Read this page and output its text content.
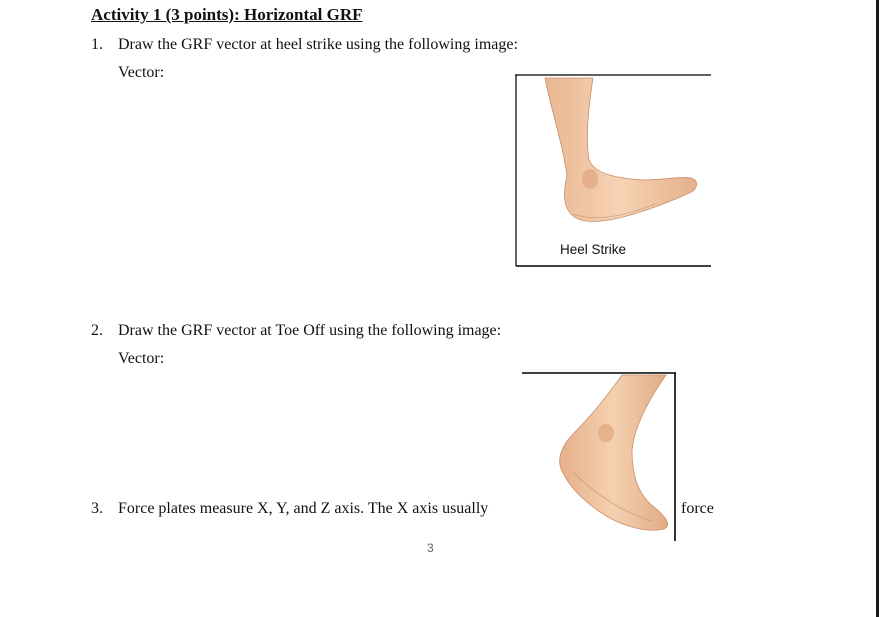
Activity 1 (3 points): Horizontal GRF
1. Draw the GRF vector at heel strike using the following image:
Vector:
Heel Strike
2. Draw the GRF vector at Toe Off using the following image:
Vector:
3. Force plates measure X, Y, and Z axis. The X axis usually	force
3
